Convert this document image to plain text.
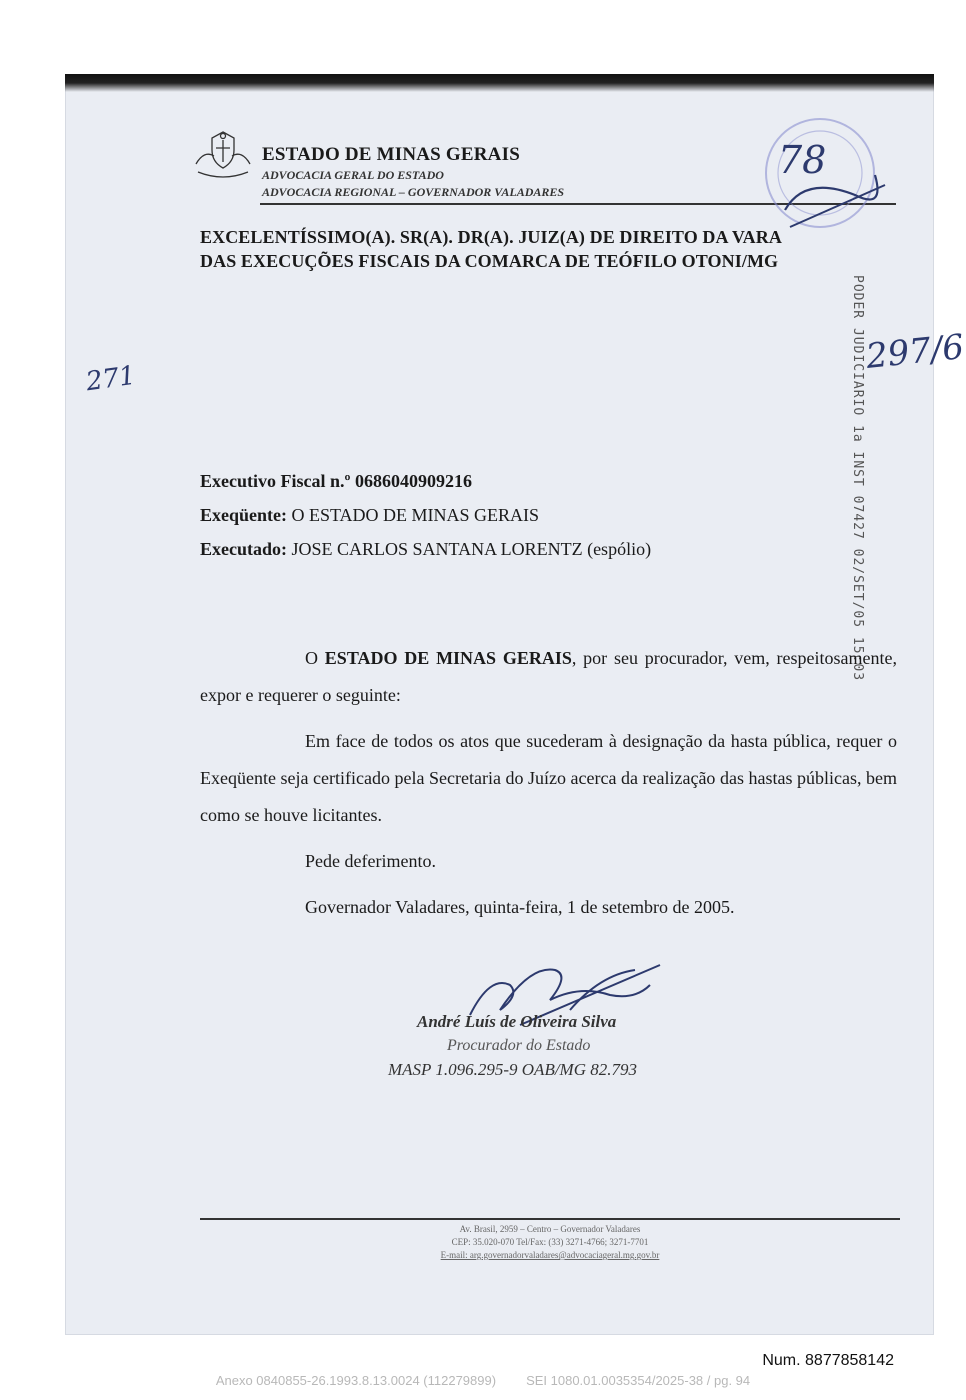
ESTADO DE MINAS GERAIS
ADVOCACIA GERAL DO ESTADO
ADVOCACIA REGIONAL – GOVERNADOR VALADARES
EXCELENTÍSSIMO(A). SR(A). DR(A). JUIZ(A) DE DIREITO DA VARA
DAS EXECUÇÕES FISCAIS DA COMARCA DE TEÓFILO OTONI/MG
78
271
297/6
PODER JUDICIARIO 1a INST 07427 02/SET/05 15:03
Executivo Fiscal n.º 0686040909216
Exeqüente: O ESTADO DE MINAS GERAIS
Executado: JOSE CARLOS SANTANA LORENTZ (espólio)

O ESTADO DE MINAS GERAIS, por seu procurador, vem, respeitosamente, expor e requerer o seguinte:

Em face de todos os atos que sucederam à designação da hasta pública, requer o Exeqüente seja certificado pela Secretaria do Juízo acerca da realização das hastas públicas, bem como se houve licitantes.

Pede deferimento.

Governador Valadares, quinta-feira, 1 de setembro de 2005.

André Luís de Oliveira Silva
Procurador do Estado
MASP 1.096.295-9 OAB/MG 82.793
Av. Brasil, 2959 – Centro – Governador Valadares
CEP: 35.020-070 Tel/Fax: (33) 3271-4766; 3271-7701
E-mail: arg.governadorvaladares@advocaciageral.mg.gov.br
Num. 8877858142
Anexo 0840855-26.1993.8.13.0024 (112279899) SEI 1080.01.0035354/2025-38 / pg. 94
